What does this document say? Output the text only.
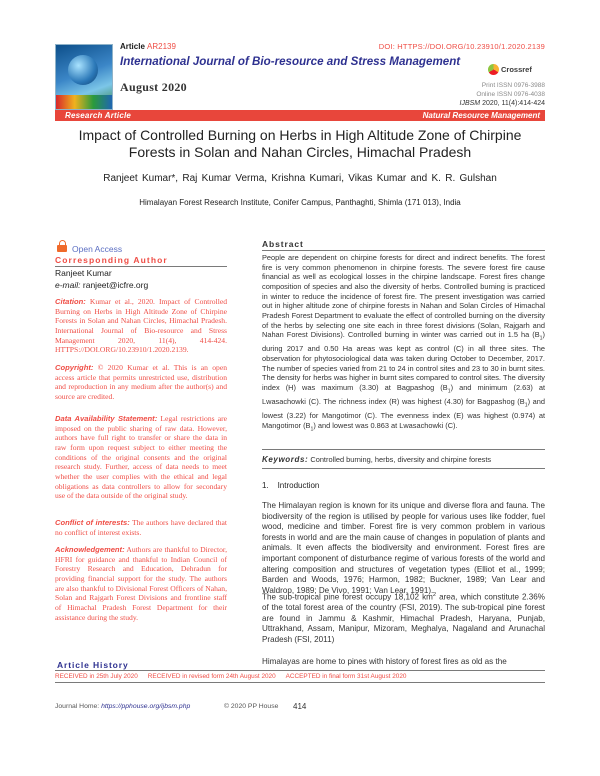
Article AR2139	DOI: HTTPS://DOI.ORG/10.23910/1.2020.2139
International Journal of Bio-resource and Stress Management
Crossref
August 2020	Print ISSN 0976-3988
Online ISSN 0976-4038
IJBSM 2020, 11(4):414-424
Research Article	Natural Resource Management
Impact of Controlled Burning on Herbs in High Altitude Zone of Chirpine Forests in Solan and Nahan Circles, Himachal Pradesh
Ranjeet Kumar*, Raj Kumar Verma, Krishna Kumari, Vikas Kumar and K. R. Gulshan
Himalayan Forest Research Institute, Conifer Campus, Panthaghti, Shimla (171 013), India
Open Access
Corresponding Author
Ranjeet Kumar
e-mail: ranjeet@icfre.org
Citation: Kumar et al., 2020. Impact of Controlled Burning on Herbs in High Altitude Zone of Chirpine Forests in Solan and Nahan Circles, Himachal Pradesh. International Journal of Bio-resource and Stress Management 2020, 11(4), 414-424. HTTPS://DOI.ORG/10.23910/1.2020.2139.
Copyright: © 2020 Kumar et al. This is an open access article that permits unrestricted use, distribution and reproduction in any medium after the author(s) and source are credited.
Data Availability Statement: Legal restrictions are imposed on the public sharing of raw data. However, authors have full right to transfer or share the data in raw form upon request subject to either meeting the conditions of the original consents and the original research study. Further, access of data needs to meet whether the user complies with the ethical and legal obligations as data controllers to allow for secondary use of the data outside of the original study.
Conflict of interests: The authors have declared that no conflict of interest exists.
Acknowledgement: Authors are thankful to Director, HFRI for guidance and thankful to Indian Council of Forestry Research and Education, Dehradun for providing financial support for the study. The authors are also thankful to Divisional Forest Officers of Nahan, Solan and Rajgarh Forest Divisions and frontline staff of Himachal Pradesh Forest Department for their assistance during the study.
Abstract
People are dependent on chirpine forests for direct and indirect benefits. The forest fire is very common phenomenon in chirpine forests. The severe forest fire cause financial as well as ecological losses in the chirpine landscape. Forest fires change composition of species and also the diversity of herbs. Controlled burning is practiced in winter to reduce the incidence of forest fire. The present investigation was carried out in higher altitude zone of chirpine forests in Nahan and Solan Circles of Himachal Pradesh Forest Department to evaluate the effect of controlled burning on the diversity of the herbs by selecting one site each in three forest divisions (Solan, Rajgarh and Nahan Forest Divisions). Controlled burning in winter was carried out in 1.5 ha $(B_1)$ during 2017 and 0.50 Ha areas was kept as control (C) in all three sites. The observation for phytosociological data was taken during October to December, 2017. The number of species varied from 21 to 24 in control sites and 23 to 30 in burnt sites. The density for herbs was higher in burnt sites compared to control sites. The diversity index (H) was maximum (3.30) at Bagpashog $(B_1)$ and minimum (2.63) at Lwasachowki (C). The richness index (R) was highest (4.30) for Bagpashog $(B_1)$ and lowest (3.22) for Mangotimor (C). The evenness index (E) was highest (0.974) at Mangotimor $(B_1)$ and lowest was 0.863 at Lwasachowki (C).
Keywords: Controlled burning, herbs, diversity and chirpine forests
1.    Introduction
The Himalayan region is known for its unique and diverse flora and fauna. The biodiversity of the region is utilised by people for various uses like fodder, fuel wood, medicine and timber. Forest fire is very common problem in various forests in world and are the main cause of changes in population of plants and animals. It even affects the biodiversity and environment. Forest fires are important component of disturbance regime of various forests of the world and altering composition and structures of vegetation types (Elliot et al., 1999; Barden and Woods, 1976; Harmon, 1982; Buckner, 1989; Van Lear and Waldrop, 1989; De Vivo, 1991; Van Lear, 1991).
The sub-tropical pine forest occupy 18,102 $km^2$ area, which constitute 2.36% of the total forest area of the country (FSI, 2019). The sub-tropical pine forest are found in Jammu & Kashmir, Himachal Pradesh, Haryana, Punjab, Uttrakhand, Assam, Manipur, Mizoram, Meghalya, Nagaland and Arunachal Pradesh (FSI, 2011)
Himalayas are home to pines with history of forest fires as old as the
Article History
RECEIVED in 25th July 2020 RECEIVED in revised form 24th August 2020 ACCEPTED in final form 31st August 2020
Journal Home: https://pphouse.org/ijbsm.php	© 2020 PP House 414
